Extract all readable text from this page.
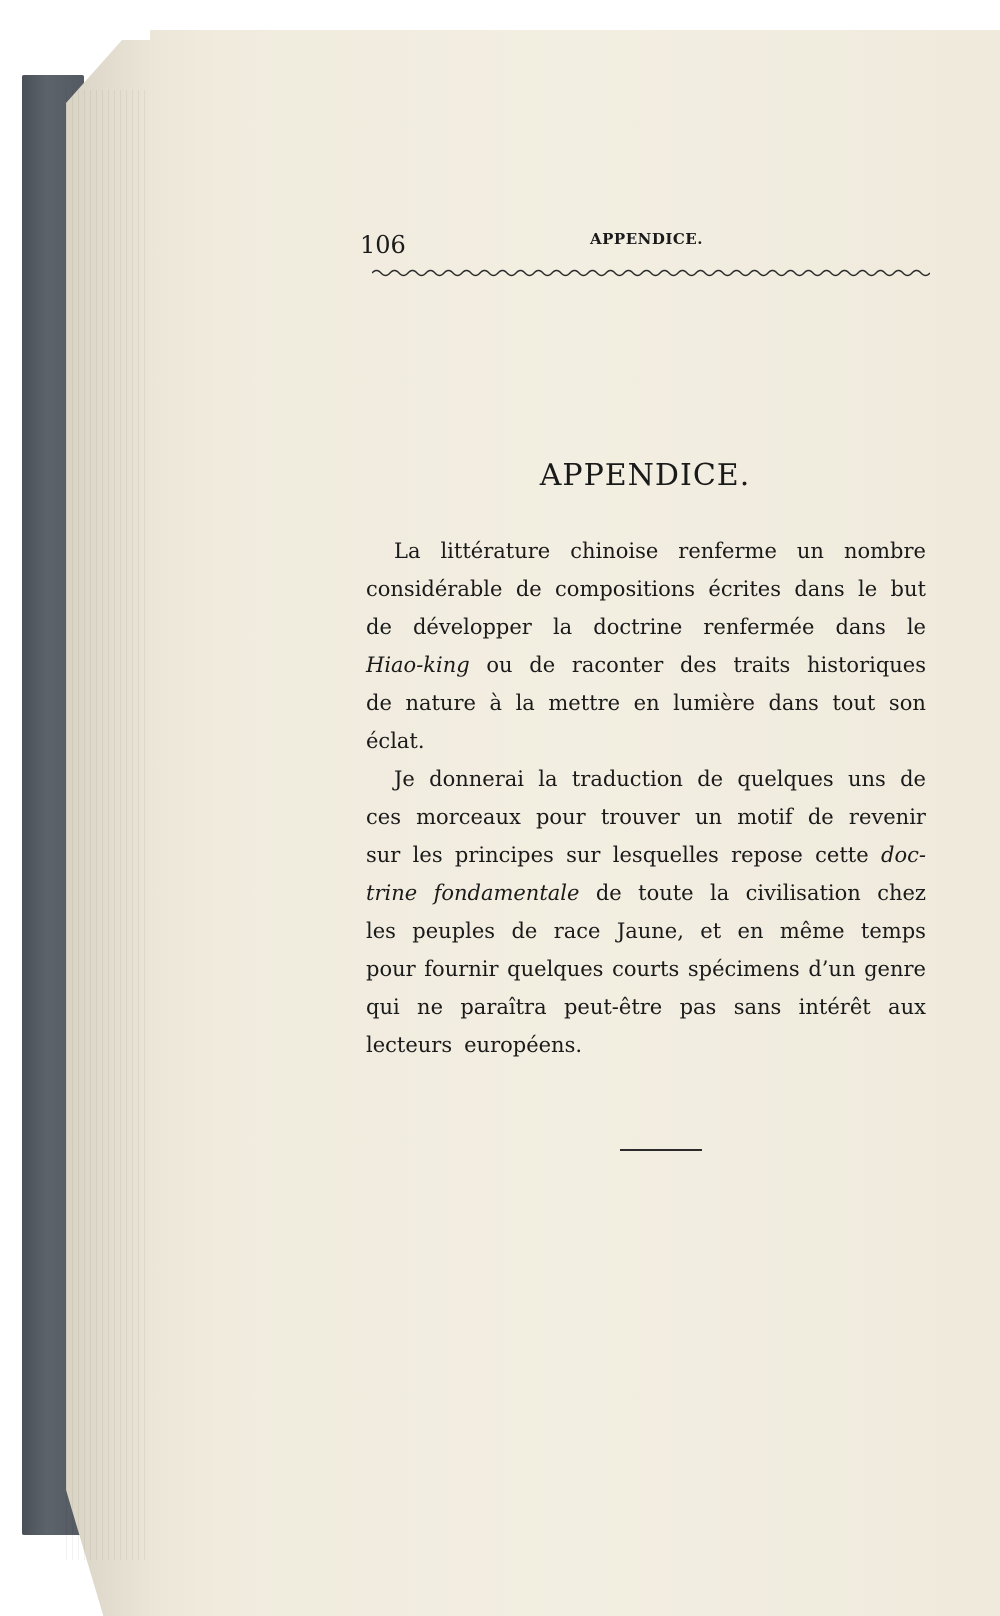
106	APPENDICE.
APPENDICE.
La littérature chinoise renferme un nombre
considérable de compositions écrites dans le but
de développer la doctrine renfermée dans le
Hiao-king ou de raconter des traits historiques
de nature à la mettre en lumière dans tout son
éclat.
Je donnerai la traduction de quelques uns de
ces morceaux pour trouver un motif de revenir
sur les principes sur lesquelles repose cette doc-
trine fondamentale de toute la civilisation chez
les peuples de race Jaune, et en même temps
pour fournir quelques courts spécimens d’un genre
qui ne paraîtra peut-être pas sans intérêt aux
lecteurs européens.
